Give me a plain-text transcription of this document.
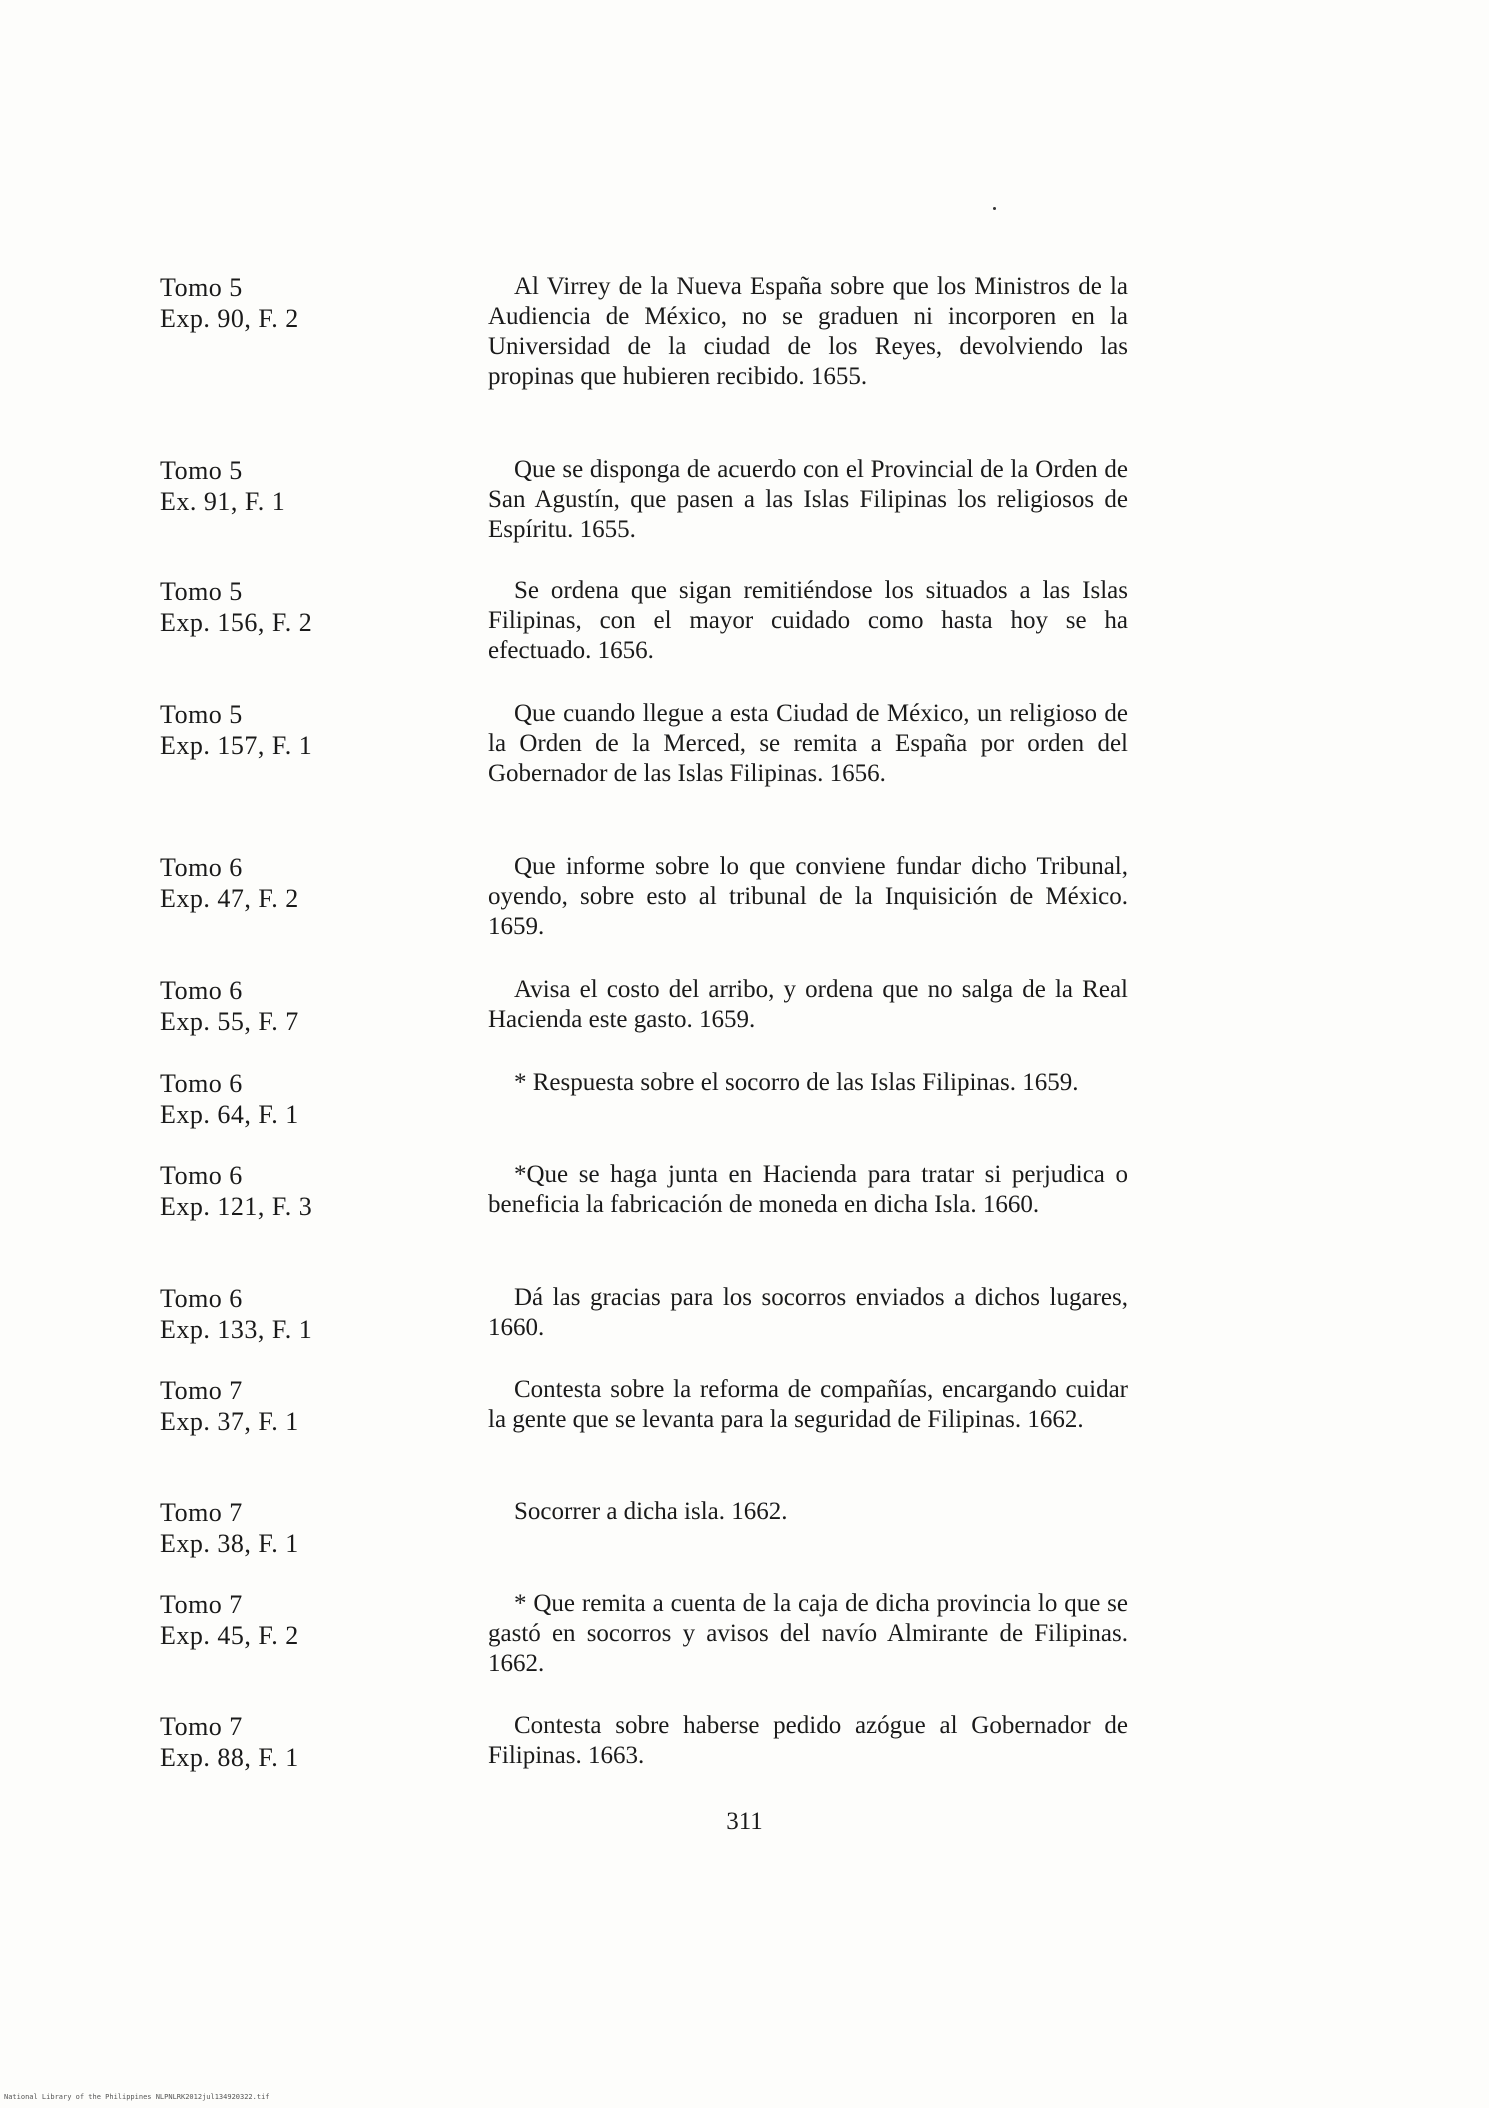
Tomo 5
Exp. 90, F. 2
Al Virrey de la Nueva España sobre que los Ministros de la Audiencia de México, no se graduen ni incorporen en la Universidad de la ciudad de los Reyes, devolviendo las propinas que hubieren recibido. 1655.
Tomo 5
Ex. 91, F. 1
Que se disponga de acuerdo con el Provincial de la Orden de San Agustín, que pasen a las Islas Filipinas los religiosos de Espíritu. 1655.
Tomo 5
Exp. 156, F. 2
Se ordena que sigan remitiéndose los situados a las Islas Filipinas, con el mayor cuidado como hasta hoy se ha efectuado. 1656.
Tomo 5
Exp. 157, F. 1
Que cuando llegue a esta Ciudad de México, un religioso de la Orden de la Merced, se remita a España por orden del Gobernador de las Islas Filipinas. 1656.
Tomo 6
Exp. 47, F. 2
Que informe sobre lo que conviene fundar dicho Tribunal, oyendo, sobre esto al tribunal de la Inquisición de México. 1659.
Tomo 6
Exp. 55, F. 7
Avisa el costo del arribo, y ordena que no salga de la Real Hacienda este gasto. 1659.
Tomo 6
Exp. 64, F. 1
* Respuesta sobre el socorro de las Islas Filipinas. 1659.
Tomo 6
Exp. 121, F. 3
*Que se haga junta en Hacienda para tratar si perjudica o beneficia la fabricación de moneda en dicha Isla. 1660.
Tomo 6
Exp. 133, F. 1
Dá las gracias para los socorros enviados a dichos lugares, 1660.
Tomo 7
Exp. 37, F. 1
Contesta sobre la reforma de compañías, encargando cuidar la gente que se levanta para la seguridad de Filipinas. 1662.
Tomo 7
Exp. 38, F. 1
Socorrer a dicha isla. 1662.
Tomo 7
Exp. 45, F. 2
* Que remita a cuenta de la caja de dicha provincia lo que se gastó en socorros y avisos del navío Almirante de Filipinas. 1662.
Tomo 7
Exp. 88, F. 1
Contesta sobre haberse pedido azógue al Gobernador de Filipinas. 1663.
311
National Library of the Philippines NLPNLRK2012jul134920322.tif
